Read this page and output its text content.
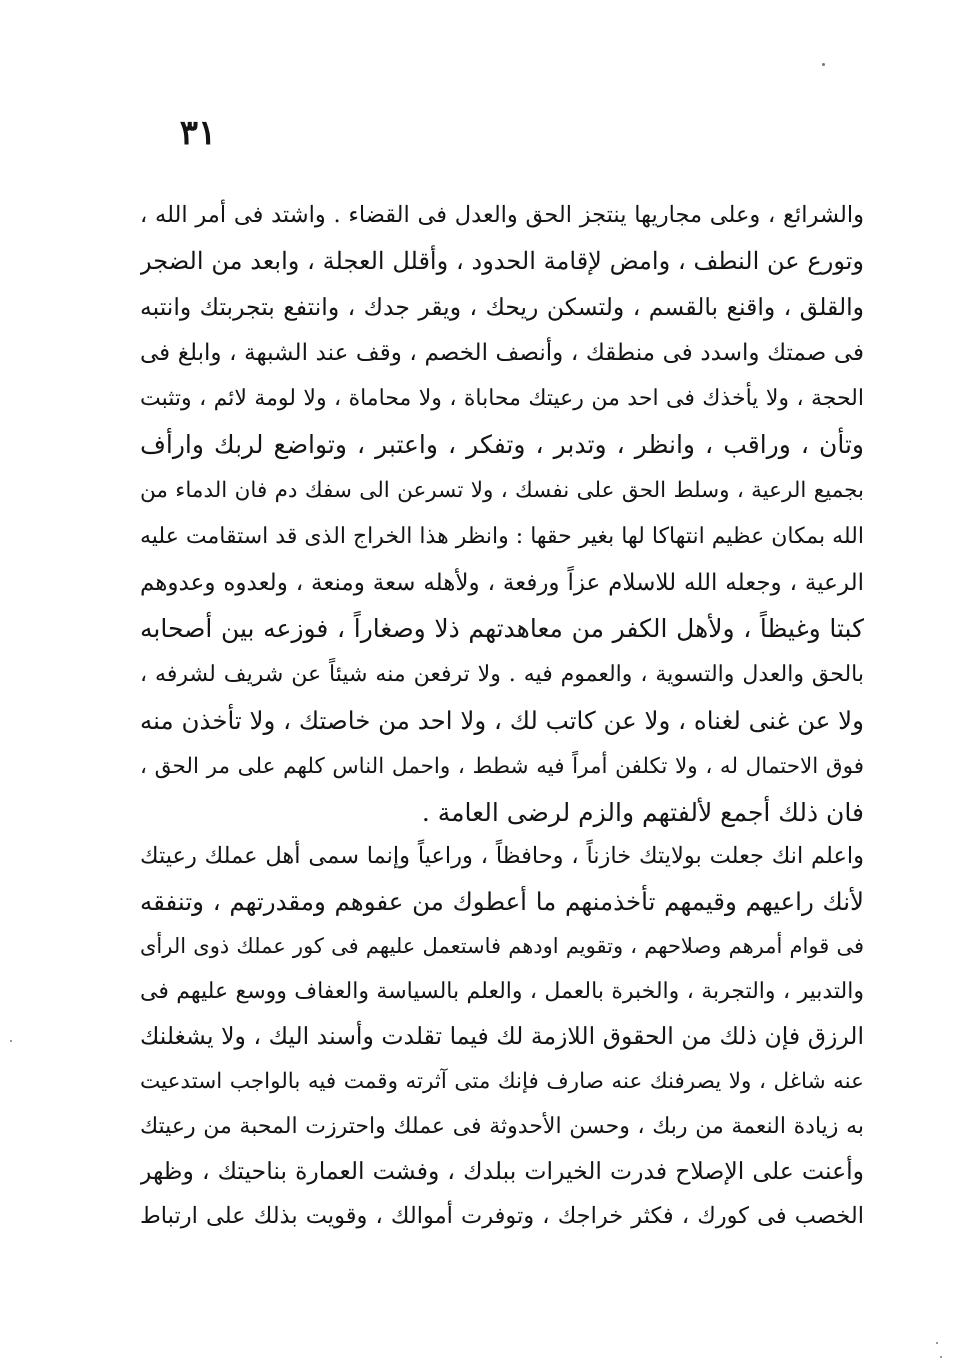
٣١
والشرائع ، وعلى مجاريها ينتجز الحق والعدل فى القضاء . واشتد فى أمر الله ،
وتورع عن النطف ، وامض لإقامة الحدود ، وأقلل العجلة ، وابعد من الضجر
والقلق ، واقنع بالقسم ، ولتسكن ريحك ، ويقر جدك ، وانتفع بتجربتك وانتبه
فى صمتك واسدد فى منطقك ، وأنصف الخصم ، وقف عند الشبهة ، وابلغ فى
الحجة ، ولا يأخذك فى احد من رعيتك محاباة ، ولا محاماة ، ولا لومة لائم ، وتثبت
وتأن ، وراقب ، وانظر ، وتدبر ، وتفكر ، واعتبر ، وتواضع لربك وارأف
بجميع الرعية ، وسلط الحق على نفسك ، ولا تسرعن الى سفك دم فان الدماء من
الله بمكان عظيم انتهاكا لها بغير حقها : وانظر هذا الخراج الذى قد استقامت عليه
الرعية ، وجعله الله للاسلام عزاً ورفعة ، ولأهله سعة ومنعة ، ولعدوه وعدوهم
كبتا وغيظاً ، ولأهل الكفر من معاهدتهم ذلا وصغاراً ، فوزعه بين أصحابه
بالحق والعدل والتسوية ، والعموم فيه . ولا ترفعن منه شيئاً عن شريف لشرفه ،
ولا عن غنى لغناه ، ولا عن كاتب لك ، ولا احد من خاصتك ، ولا تأخذن منه
فوق الاحتمال له ، ولا تكلفن أمراً فيه شطط ، واحمل الناس كلهم على مر الحق ،
فان ذلك أجمع لألفتهم والزم لرضى العامة .
واعلم انك جعلت بولايتك خازناً ، وحافظاً ، وراعياً وإنما سمى أهل عملك رعيتك
لأنك راعيهم وقيمهم تأخذمنهم ما أعطوك من عفوهم ومقدرتهم ، وتنفقه
فى قوام أمرهم وصلاحهم ، وتقويم اودهم فاستعمل عليهم فى كور عملك ذوى الرأى
والتدبير ، والتجربة ، والخبرة بالعمل ، والعلم بالسياسة والعفاف ووسع عليهم فى
الرزق فإن ذلك من الحقوق اللازمة لك فيما تقلدت وأسند اليك ، ولا يشغلنك
عنه شاغل ، ولا يصرفنك عنه صارف فإنك متى آثرته وقمت فيه بالواجب استدعيت
به زيادة النعمة من ربك ، وحسن الأحدوثة فى عملك واحترزت المحبة من رعيتك
وأعنت على الإصلاح فدرت الخيرات ببلدك ، وفشت العمارة بناحيتك ، وظهر
الخصب فى كورك ، فكثر خراجك ، وتوفرت أموالك ، وقويت بذلك على ارتباط
